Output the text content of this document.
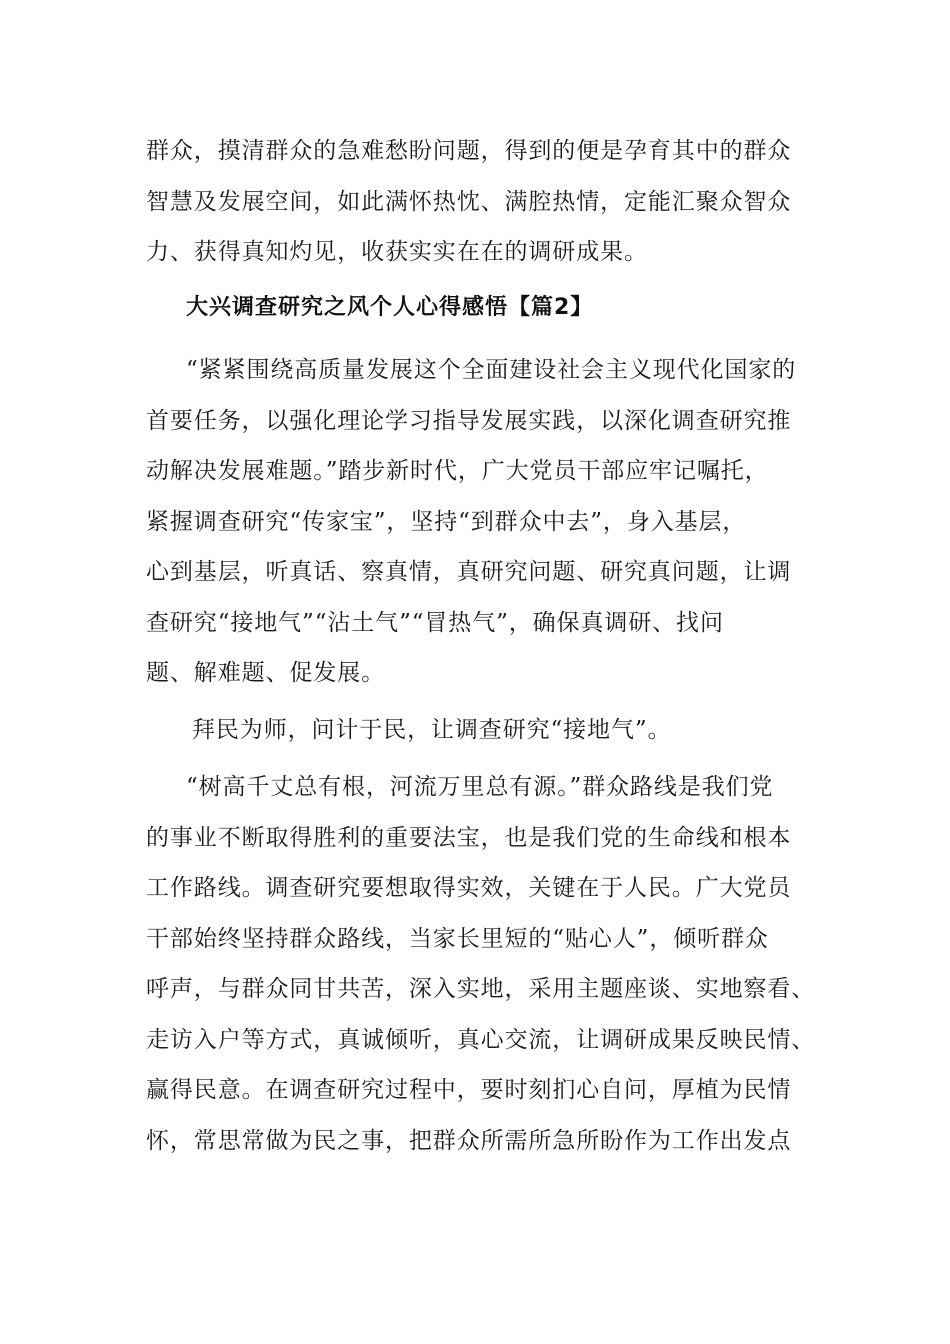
群众，摸清群众的急难愁盼问题，得到的便是孕育其中的群众
智慧及发展空间，如此满怀热忱、满腔热情，定能汇聚众智众
力、获得真知灼见，收获实实在在的调研成果。
大兴调查研究之风个人心得感悟【篇2】
“紧紧围绕高质量发展这个全面建设社会主义现代化国家的
首要任务，以强化理论学习指导发展实践，以深化调查研究推
动解决发展难题。”踏步新时代，广大党员干部应牢记嘱托，
紧握调查研究“传家宝”，坚持“到群众中去”，身入基层，
心到基层，听真话、察真情，真研究问题、研究真问题，让调
查研究“接地气”“沾土气”“冒热气”，确保真调研、找问
题、解难题、促发展。
拜民为师，问计于民，让调查研究“接地气”。
“树高千丈总有根，河流万里总有源。”群众路线是我们党
的事业不断取得胜利的重要法宝，也是我们党的生命线和根本
工作路线。调查研究要想取得实效，关键在于人民。广大党员
干部始终坚持群众路线，当家长里短的“贴心人”，倾听群众
呼声，与群众同甘共苦，深入实地，采用主题座谈、实地察看、
走访入户等方式，真诚倾听，真心交流，让调研成果反映民情、
赢得民意。在调查研究过程中，要时刻扪心自问，厚植为民情
怀，常思常做为民之事，把群众所需所急所盼作为工作出发点
